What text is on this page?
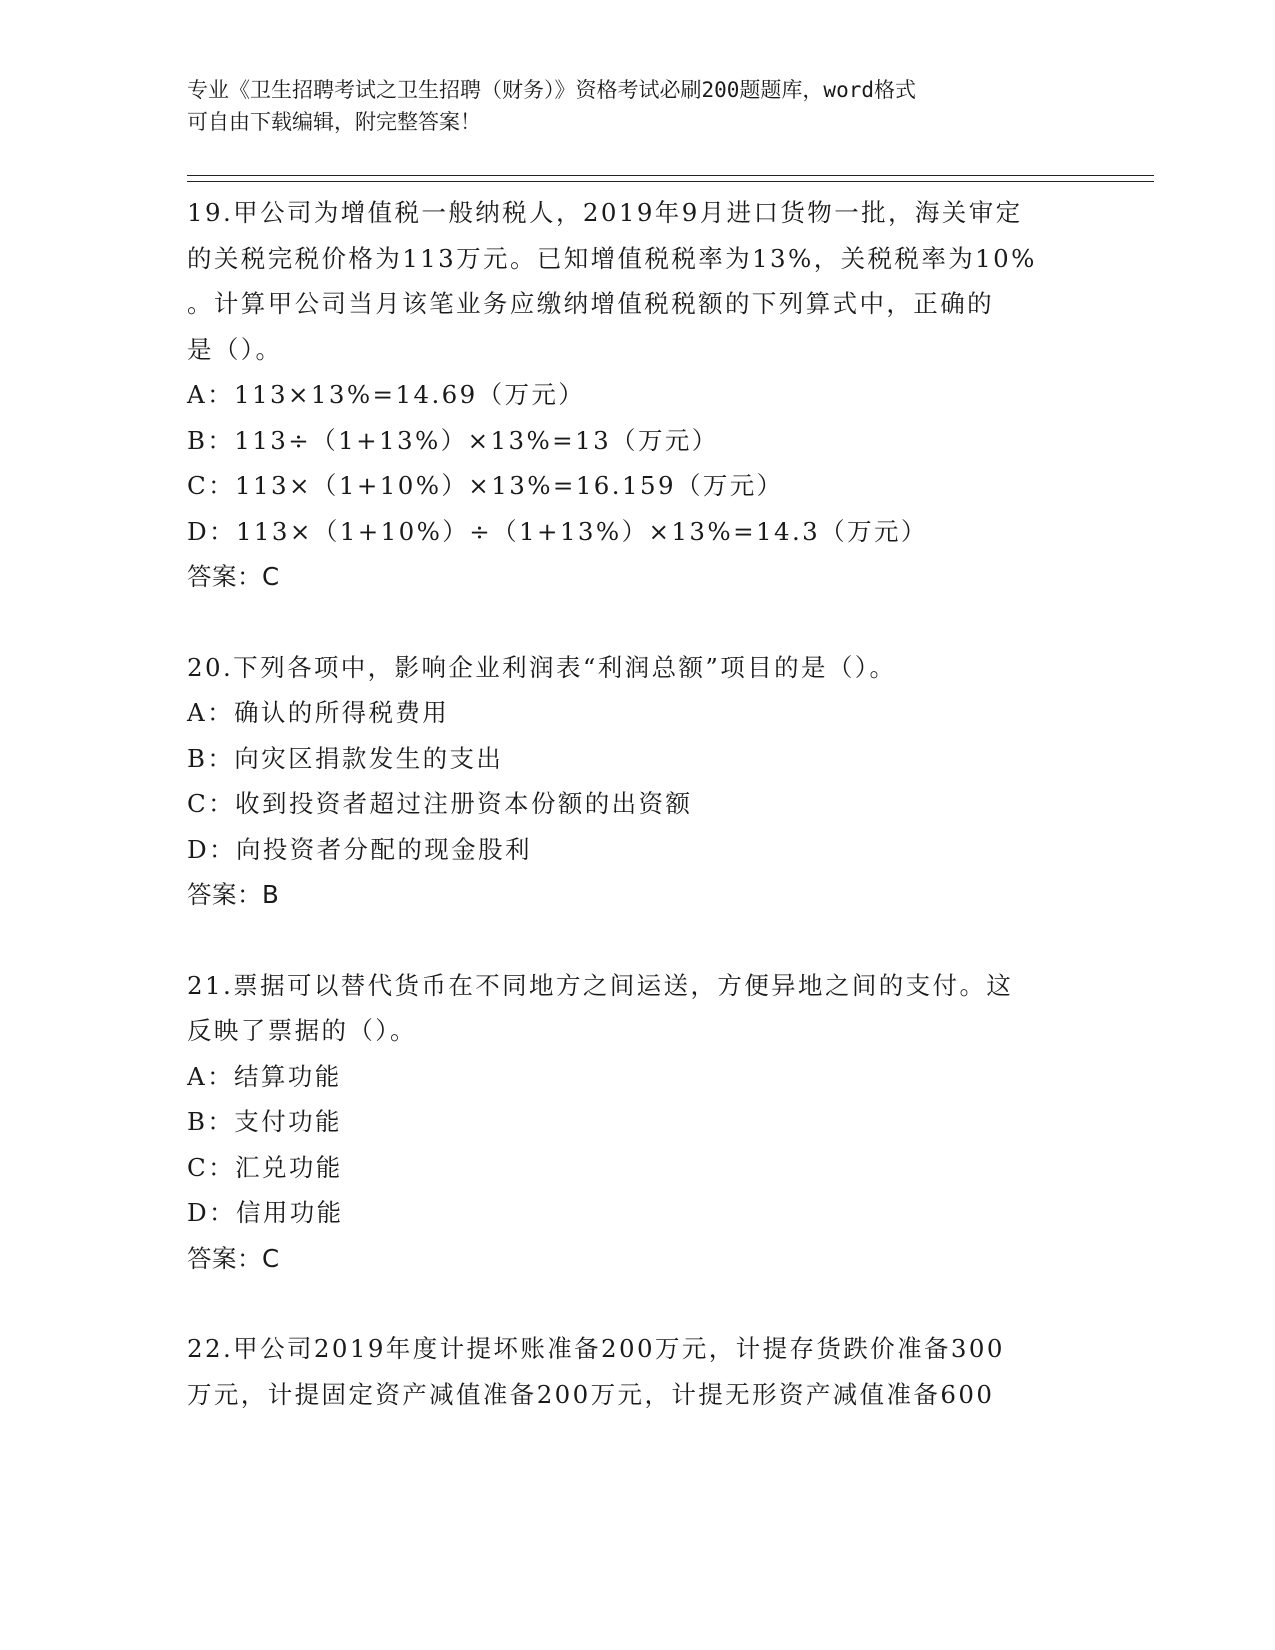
专业《卫生招聘考试之卫生招聘（财务）》资格考试必刷200题题库，word格式
可自由下载编辑，附完整答案！
19.甲公司为增值税一般纳税人，2019年9月进口货物一批，海关审定
的关税完税价格为113万元。已知增值税税率为13%，关税税率为10%
。计算甲公司当月该笔业务应缴纳增值税税额的下列算式中，正确的
是（）。
A：113×13%=14.69（万元）
B：113÷（1+13%）×13%=13（万元）
C：113×（1+10%）×13%=16.159（万元）
D：113×（1+10%）÷（1+13%）×13%=14.3（万元）
答案：C
20.下列各项中，影响企业利润表“利润总额”项目的是（）。
A：确认的所得税费用
B：向灾区捐款发生的支出
C：收到投资者超过注册资本份额的出资额
D：向投资者分配的现金股利
答案：B
21.票据可以替代货币在不同地方之间运送，方便异地之间的支付。这
反映了票据的（）。
A：结算功能
B：支付功能
C：汇兑功能
D：信用功能
答案：C
22.甲公司2019年度计提坏账准备200万元，计提存货跌价准备300
万元，计提固定资产减值准备200万元，计提无形资产减值准备600
